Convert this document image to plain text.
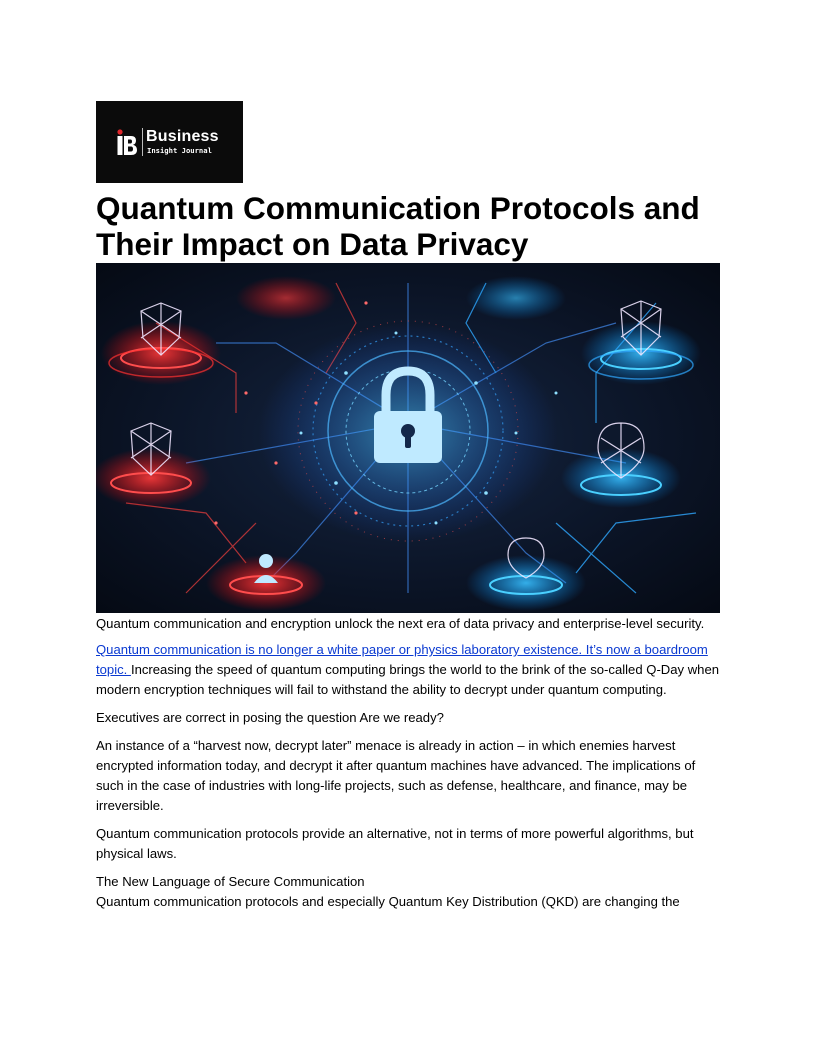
Business
Insight Journal
Quantum Communication Protocols and Their Impact on Data Privacy

Quantum communication and encryption unlock the next era of data privacy and enterprise-level security.

Quantum communication is no longer a white paper or physics laboratory existence. It’s now a boardroom topic. Increasing the speed of quantum computing brings the world to the brink of the so-called Q-Day when modern encryption techniques will fail to withstand the ability to decrypt under quantum computing.

Executives are correct in posing the question Are we ready?

An instance of a “harvest now, decrypt later” menace is already in action – in which enemies harvest encrypted information today, and decrypt it after quantum machines have advanced. The implications of such in the case of industries with long-life projects, such as defense, healthcare, and finance, may be irreversible.

Quantum communication protocols provide an alternative, not in terms of more powerful algorithms, but physical laws.

The New Language of Secure Communication

Quantum communication protocols and especially Quantum Key Distribution (QKD) are changing the
